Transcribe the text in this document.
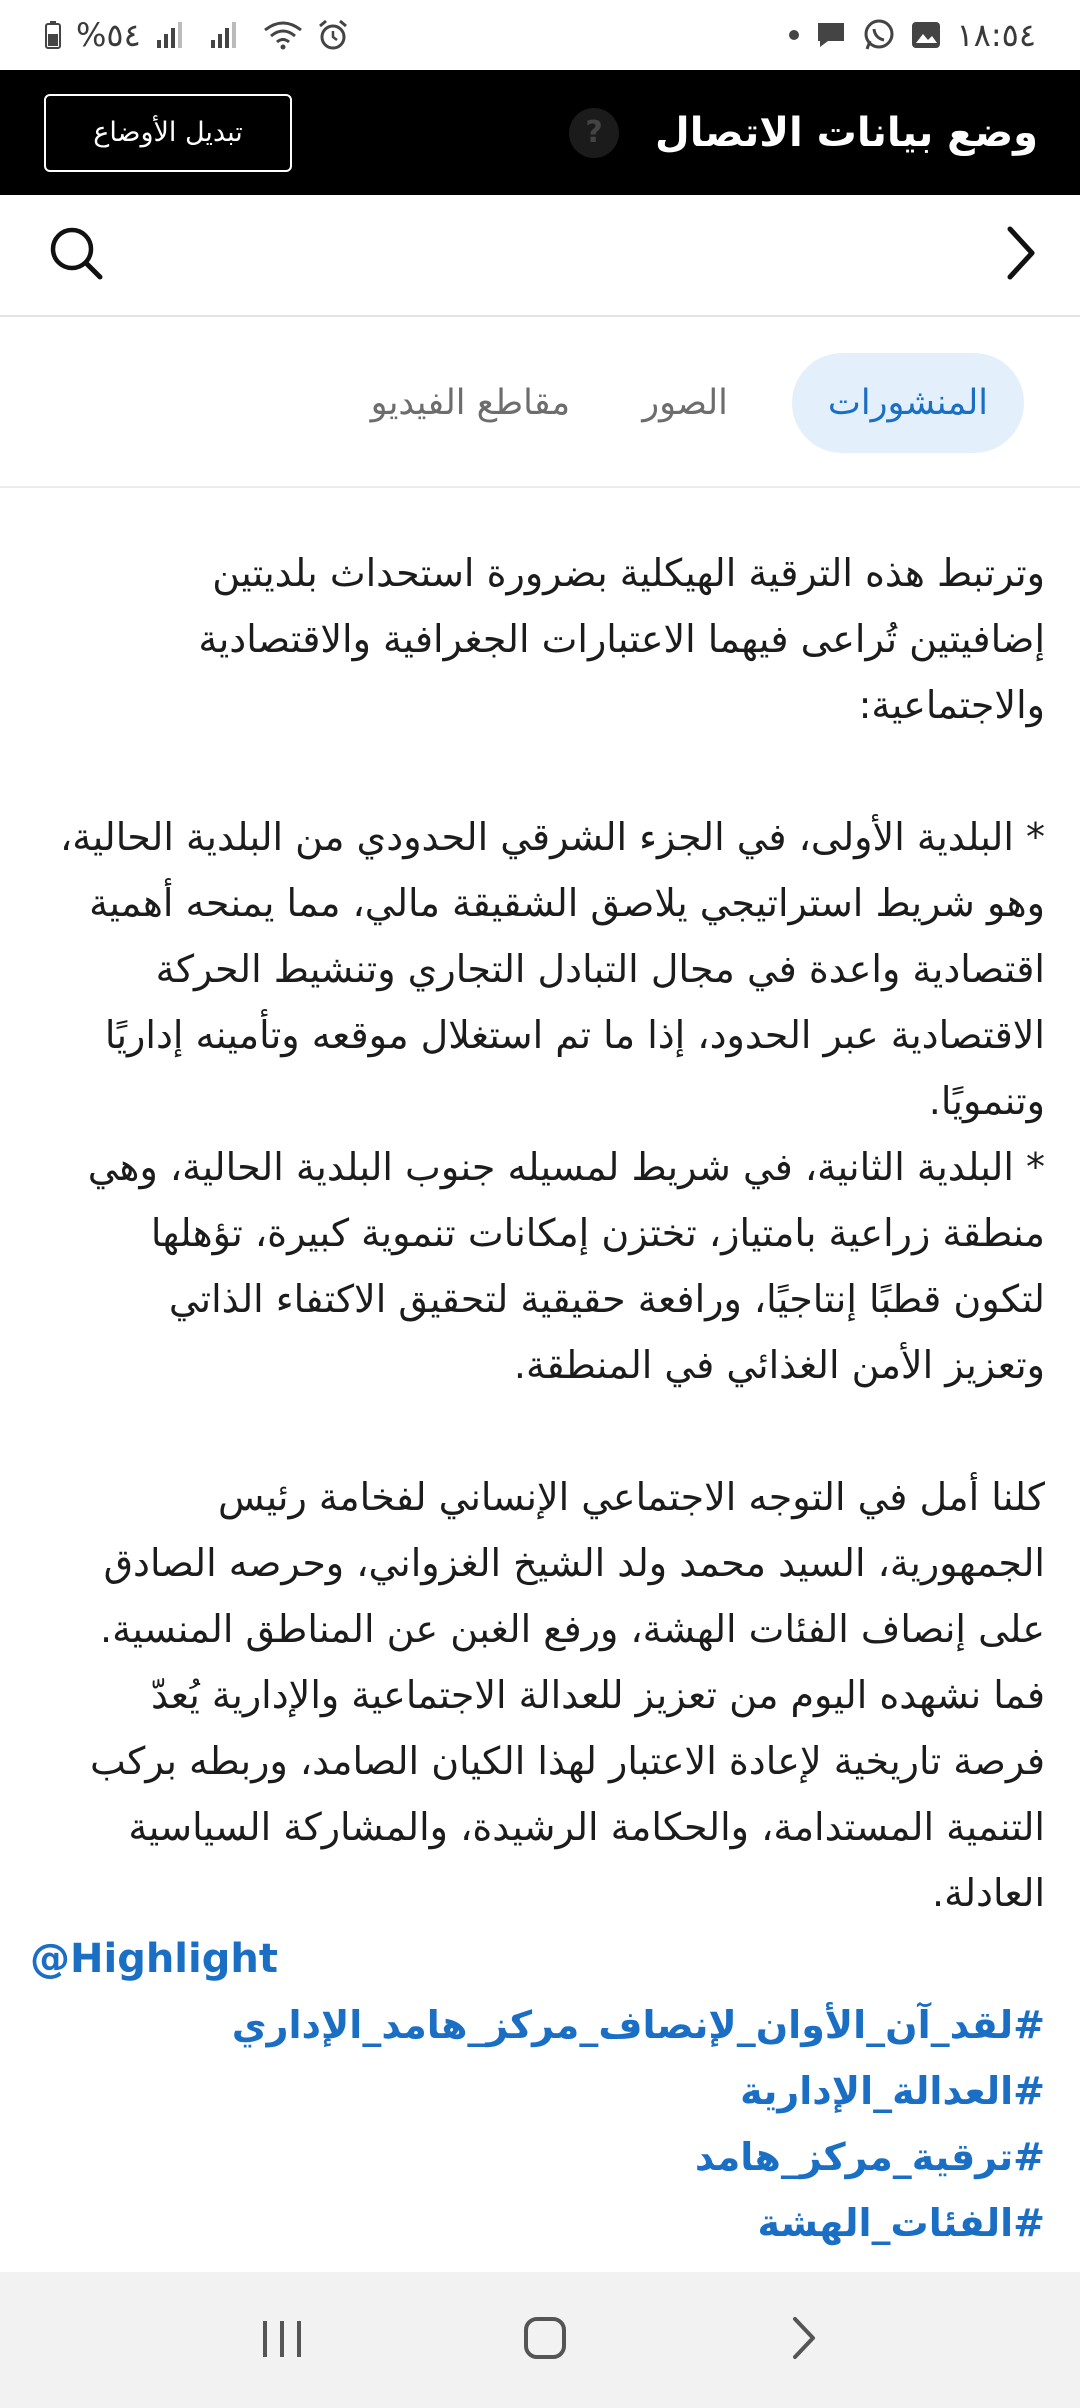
%٥٤	١٨:٥٤
تبديل الأوضاع	?	وضع بيانات الاتصال
المنشورات
الصور
مقاطع الفيديو

وترتبط هذه الترقية الهيكلية بضرورة استحداث بلديتين
إضافيتين تُراعى فيهما الاعتبارات الجغرافية والاقتصادية
والاجتماعية:

* البلدية الأولى، في الجزء الشرقي الحدودي من البلدية الحالية،
وهو شريط استراتيجي يلاصق الشقيقة مالي، مما يمنحه أهمية
اقتصادية واعدة في مجال التبادل التجاري وتنشيط الحركة
الاقتصادية عبر الحدود، إذا ما تم استغلال موقعه وتأمينه إداريًا
وتنمويًا.
* البلدية الثانية، في شريط لمسيله جنوب البلدية الحالية، وهي
منطقة زراعية بامتياز، تختزن إمكانات تنموية كبيرة، تؤهلها
لتكون قطبًا إنتاجيًا، ورافعة حقيقية لتحقيق الاكتفاء الذاتي
وتعزيز الأمن الغذائي في المنطقة.

كلنا أمل في التوجه الاجتماعي الإنساني لفخامة رئيس
الجمهورية، السيد محمد ولد الشيخ الغزواني، وحرصه الصادق
على إنصاف الفئات الهشة، ورفع الغبن عن المناطق المنسية.
فما نشهده اليوم من تعزيز للعدالة الاجتماعية والإدارية يُعدّ
فرصة تاريخية لإعادة الاعتبار لهذا الكيان الصامد، وربطه بركب
التنمية المستدامة، والحكامة الرشيدة، والمشاركة السياسية
العادلة.

@Highlight
#لقد_آن_الأوان_لإنصاف_مركز_هامد_الإداري
#العدالة_الإدارية
#ترقية_مركز_هامد
#الفئات_الهشة
